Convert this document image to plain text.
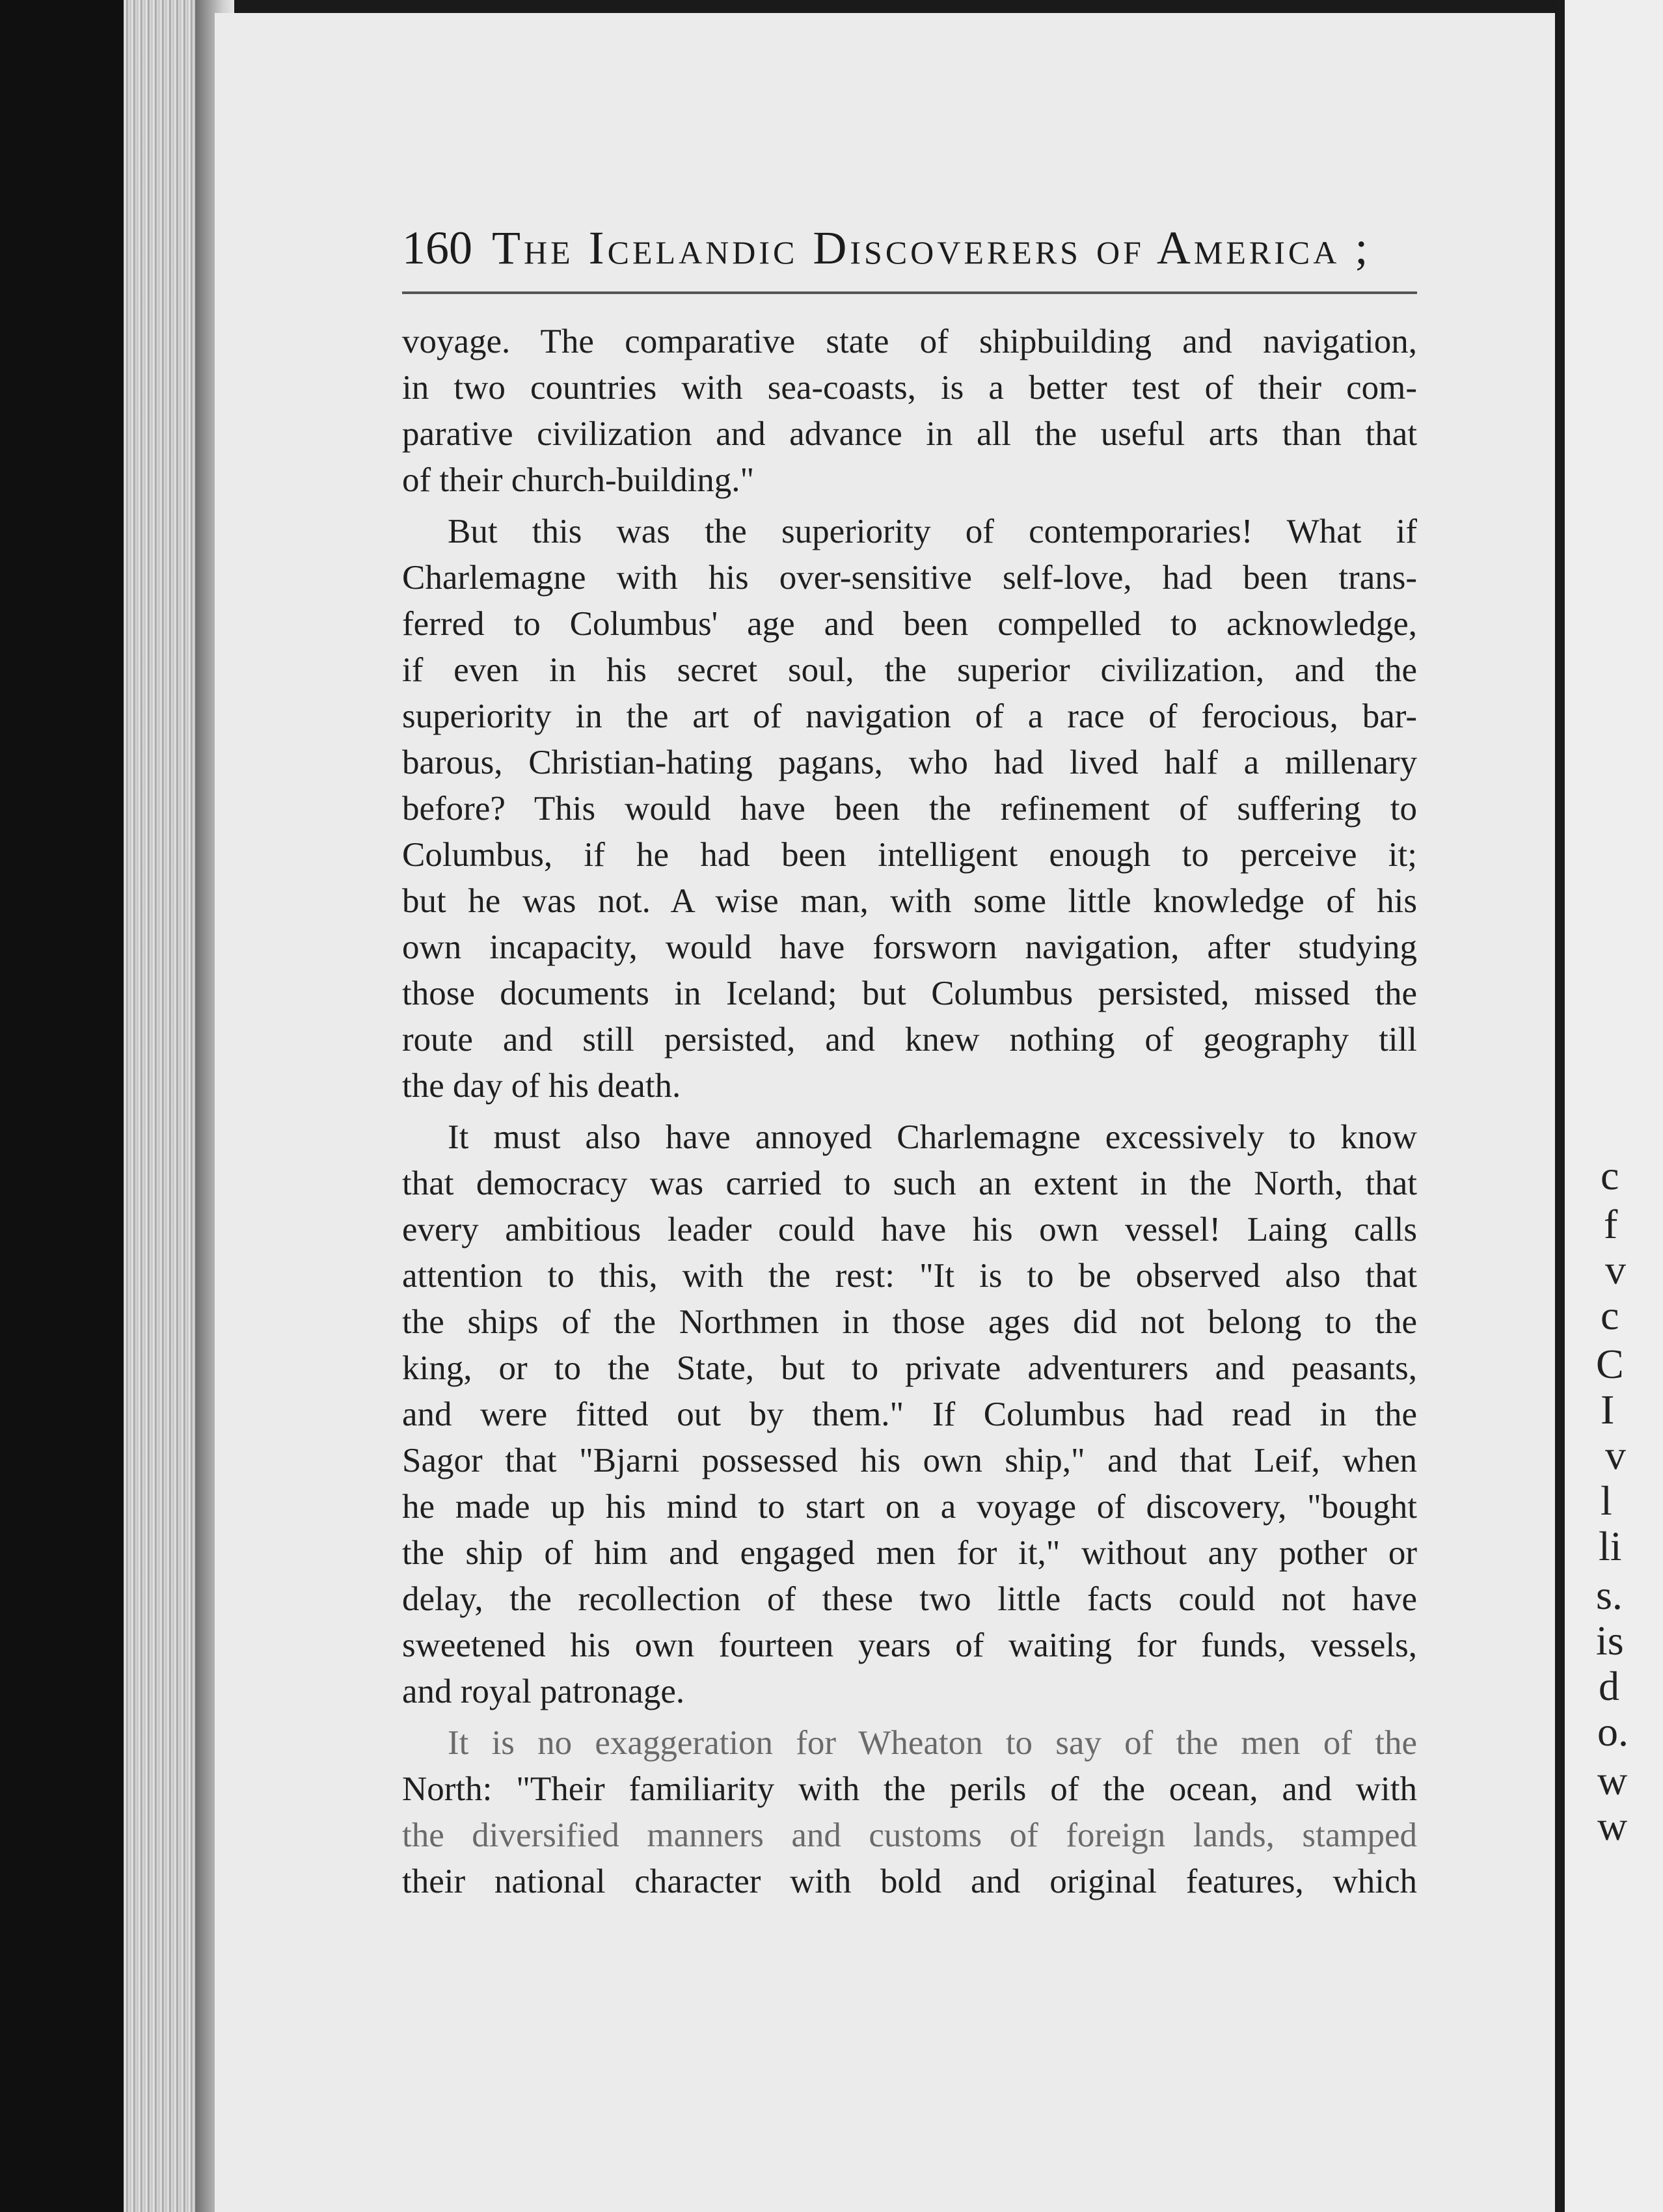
c
f
v
c
C
I
v
l
li
s.
is
d
o.
w
w
160 The Icelandic Discoverers of America ;
voyage. The comparative state of shipbuilding and navigation,
in two countries with sea-coasts, is a better test of their com-
parative civilization and advance in all the useful arts than that
of their church-building."
But this was the superiority of contemporaries! What if
Charlemagne with his over-sensitive self-love, had been trans-
ferred to Columbus' age and been compelled to acknowledge,
if even in his secret soul, the superior civilization, and the
superiority in the art of navigation of a race of ferocious, bar-
barous, Christian-hating pagans, who had lived half a millenary
before? This would have been the refinement of suffering to
Columbus, if he had been intelligent enough to perceive it;
but he was not. A wise man, with some little knowledge of his
own incapacity, would have forsworn navigation, after studying
those documents in Iceland; but Columbus persisted, missed the
route and still persisted, and knew nothing of geography till
the day of his death.
It must also have annoyed Charlemagne excessively to know
that democracy was carried to such an extent in the North, that
every ambitious leader could have his own vessel! Laing calls
attention to this, with the rest: "It is to be observed also that
the ships of the Northmen in those ages did not belong to the
king, or to the State, but to private adventurers and peasants,
and were fitted out by them." If Columbus had read in the
Sagor that "Bjarni possessed his own ship," and that Leif, when
he made up his mind to start on a voyage of discovery, "bought
the ship of him and engaged men for it," without any pother or
delay, the recollection of these two little facts could not have
sweetened his own fourteen years of waiting for funds, vessels,
and royal patronage.
It is no exaggeration for Wheaton to say of the men of the
North: "Their familiarity with the perils of the ocean, and with
the diversified manners and customs of foreign lands, stamped
their national character with bold and original features, which
